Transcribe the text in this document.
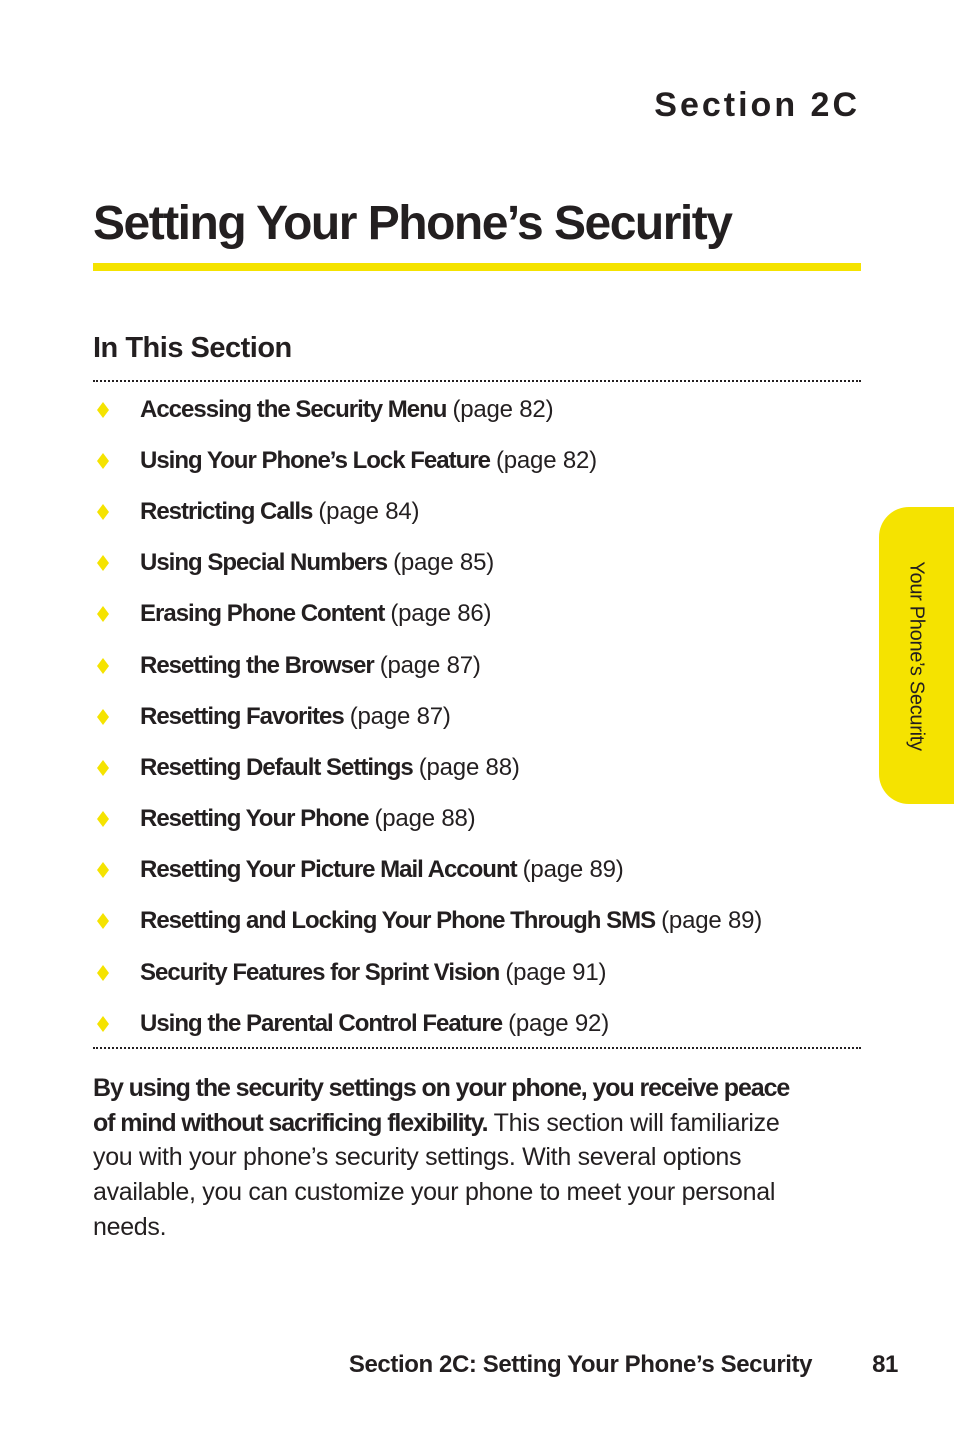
Section 2C
Setting Your Phone’s Security
In This Section
Accessing the Security Menu (page 82)
Using Your Phone’s Lock Feature (page 82)
Restricting Calls (page 84)
Using Special Numbers (page 85)
Erasing Phone Content (page 86)
Resetting the Browser (page 87)
Resetting Favorites (page 87)
Resetting Default Settings (page 88)
Resetting Your Phone (page 88)
Resetting Your Picture Mail Account (page 89)
Resetting and Locking Your Phone Through SMS (page 89)
Security Features for Sprint Vision (page 91)
Using the Parental Control Feature (page 92)

By using the security settings on your phone, you receive peace of mind without sacrificing flexibility. This section will familiarize you with your phone’s security settings. With several options available, you can customize your phone to meet your personal needs.

Your Phone’s Security
Section 2C: Setting Your Phone’s Security	81
